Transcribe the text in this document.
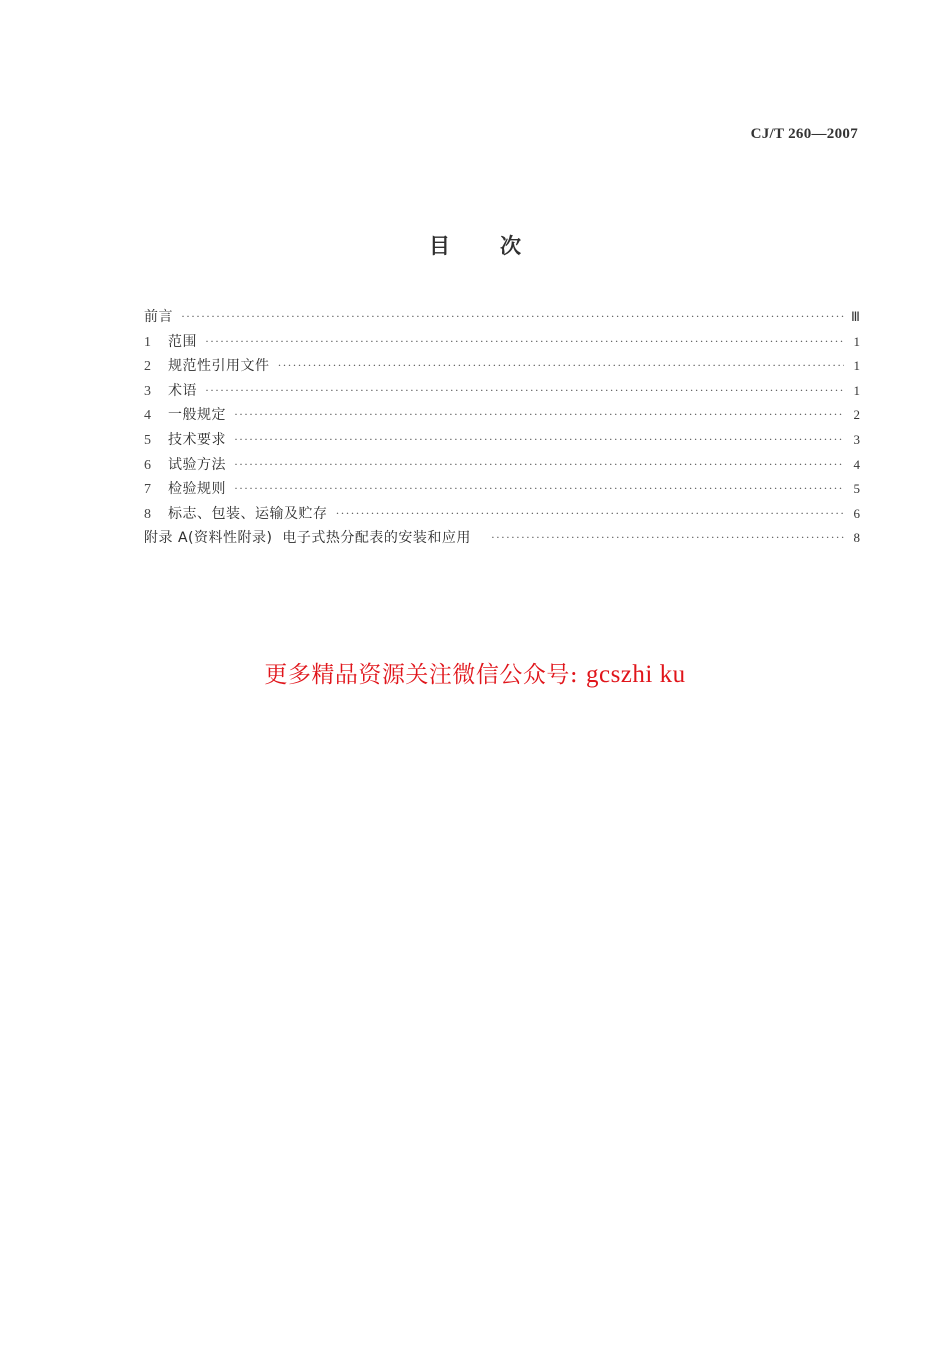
CJ/T 260—2007
目 次
前言 ·····	Ⅲ
1	范围 ·····	1
2	规范性引用文件 ·····	1
3	术语 ·····	1
4	一般规定 ·····	2
5	技术要求 ·····	3
6	试验方法 ·····	4
7	检验规则 ·····	5
8	标志、包装、运输及贮存 ·····	6
附录 A(资料性附录)  电子式热分配表的安装和应用 ·····	8
更多精品资源关注微信公众号: gcszhi ku
